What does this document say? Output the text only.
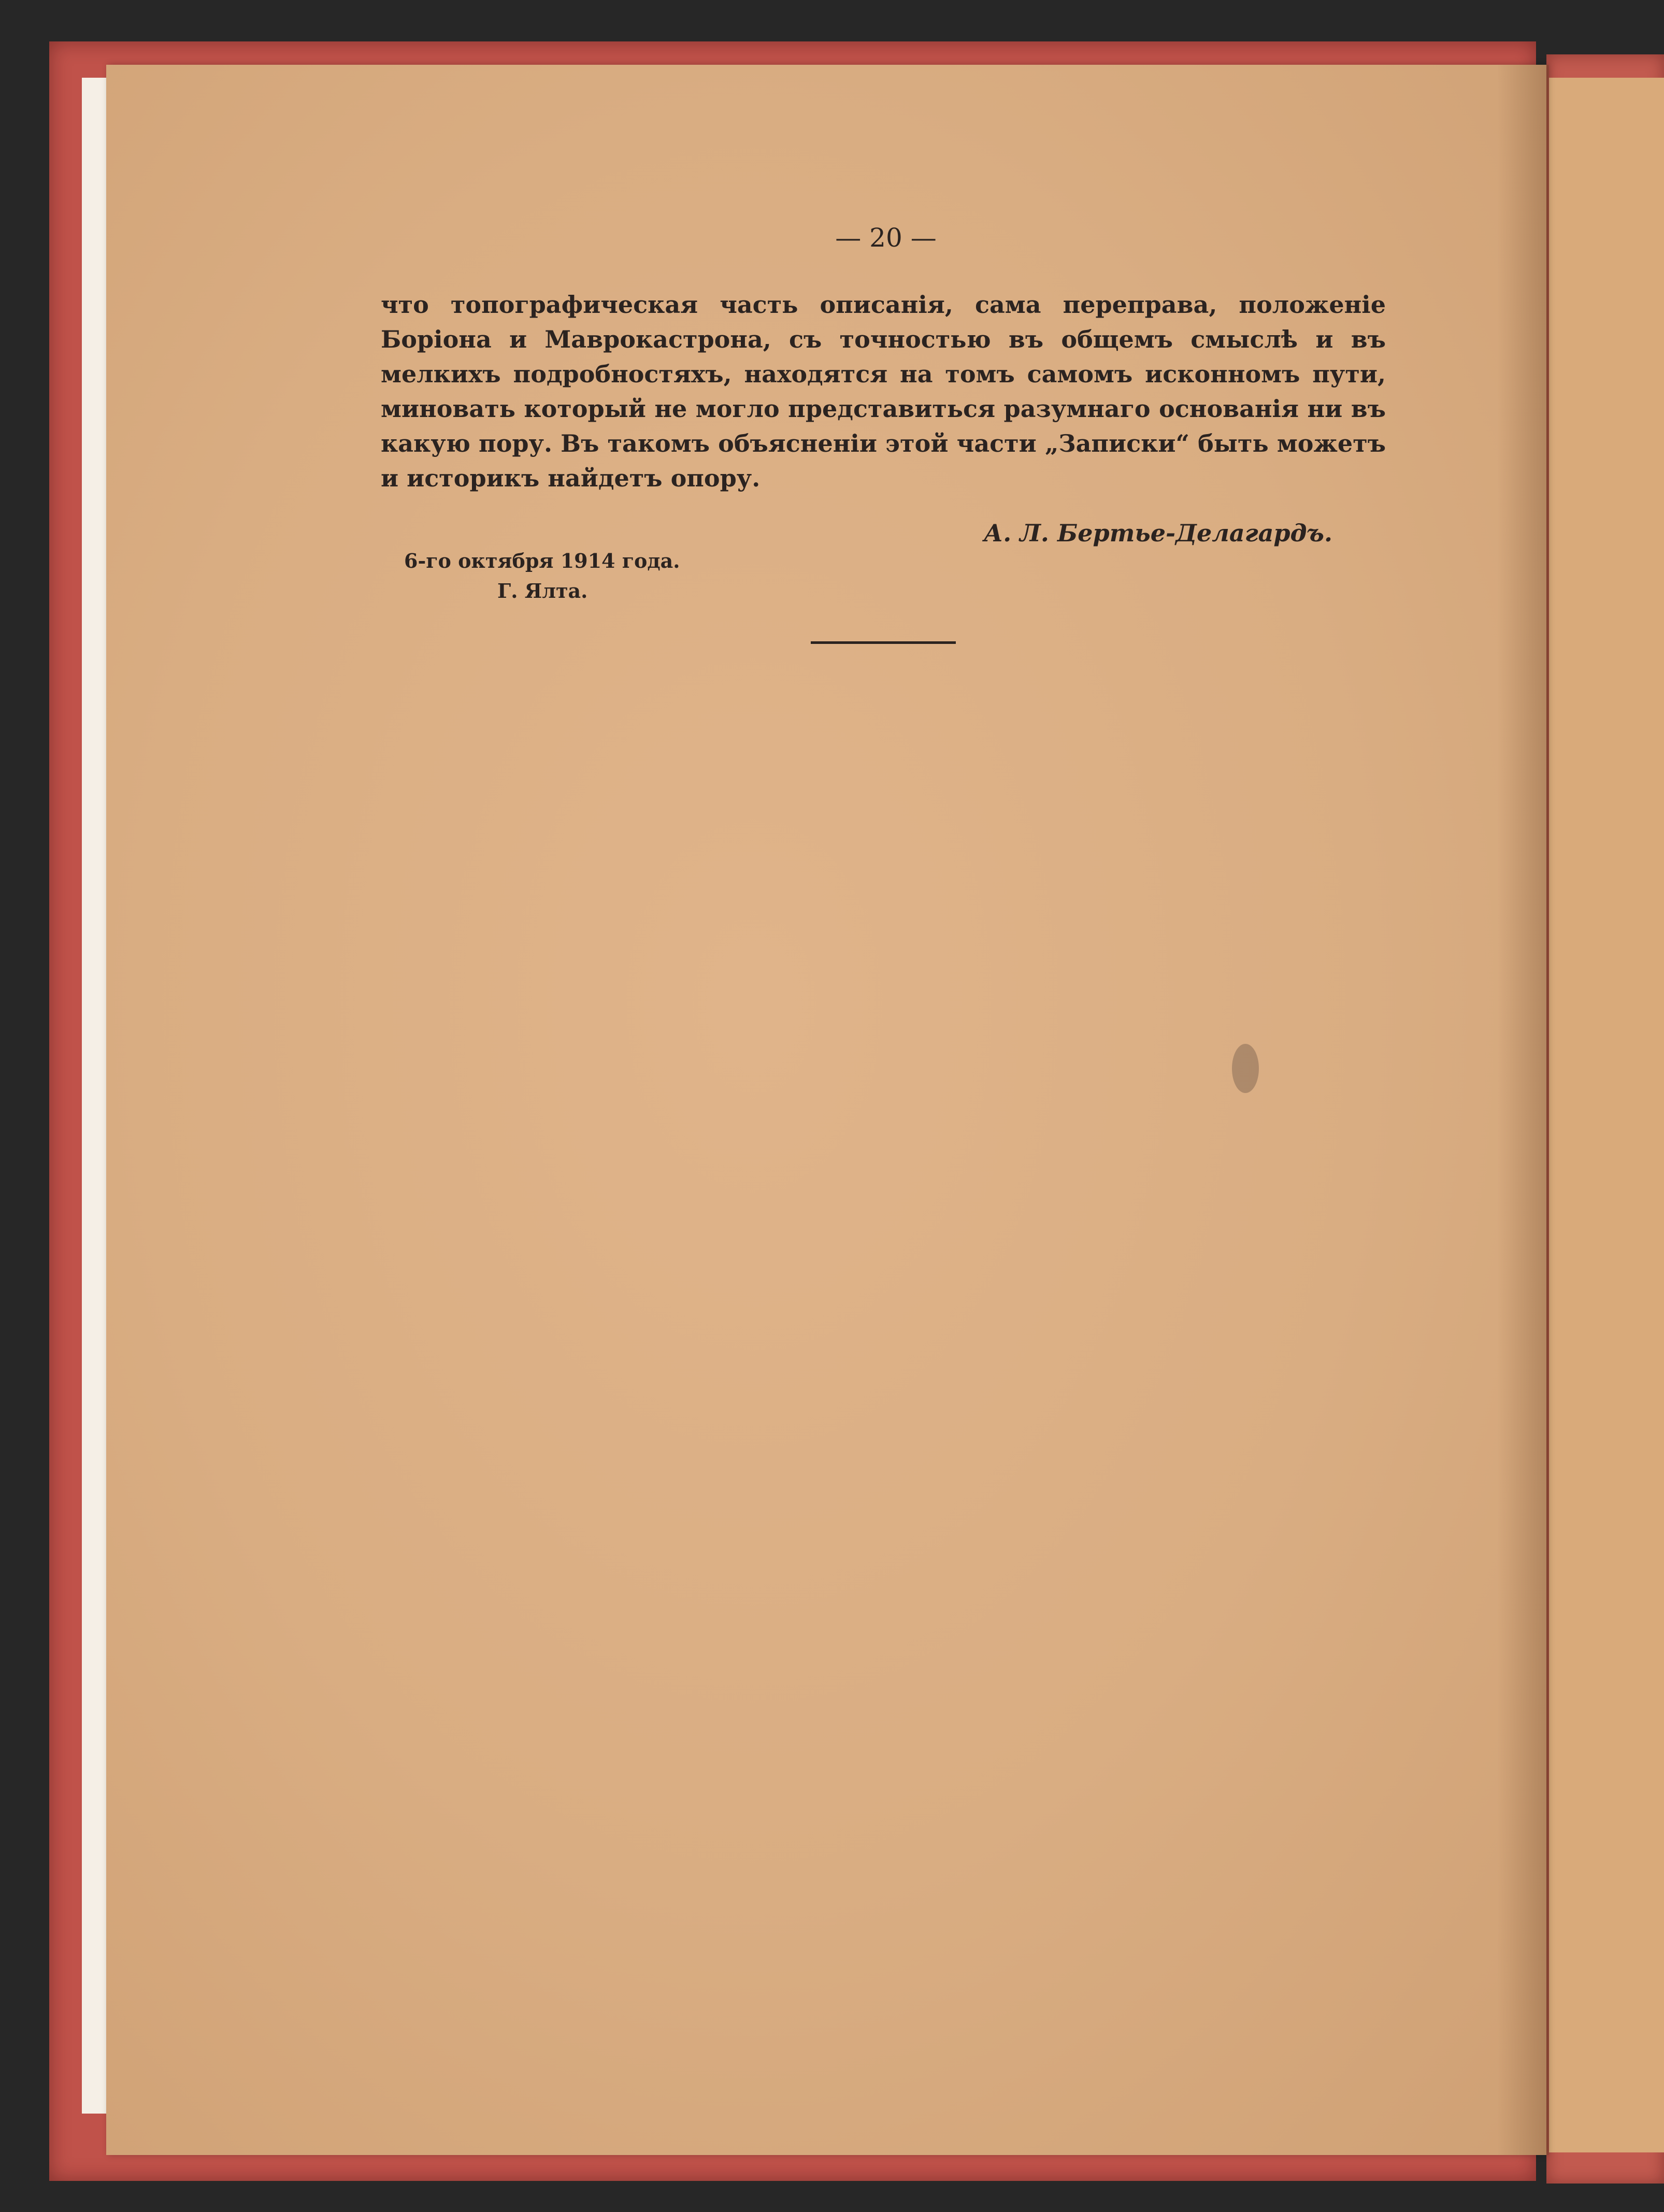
— 20 —

что топографическая часть описанія, сама переправа, положеніе Боріона и Маврокастрона, съ точностью въ общемъ смыслѣ и въ мелкихъ подробностяхъ, находятся на томъ самомъ исконномъ пути, миновать который не могло представиться разумнаго основанія ни въ какую пору. Въ такомъ объясненіи этой части „Записки“ быть можетъ и историкъ найдетъ опору.

А. Л. Бертье-Делагардъ.
6-го октября 1914 года.
Г. Ялта.
